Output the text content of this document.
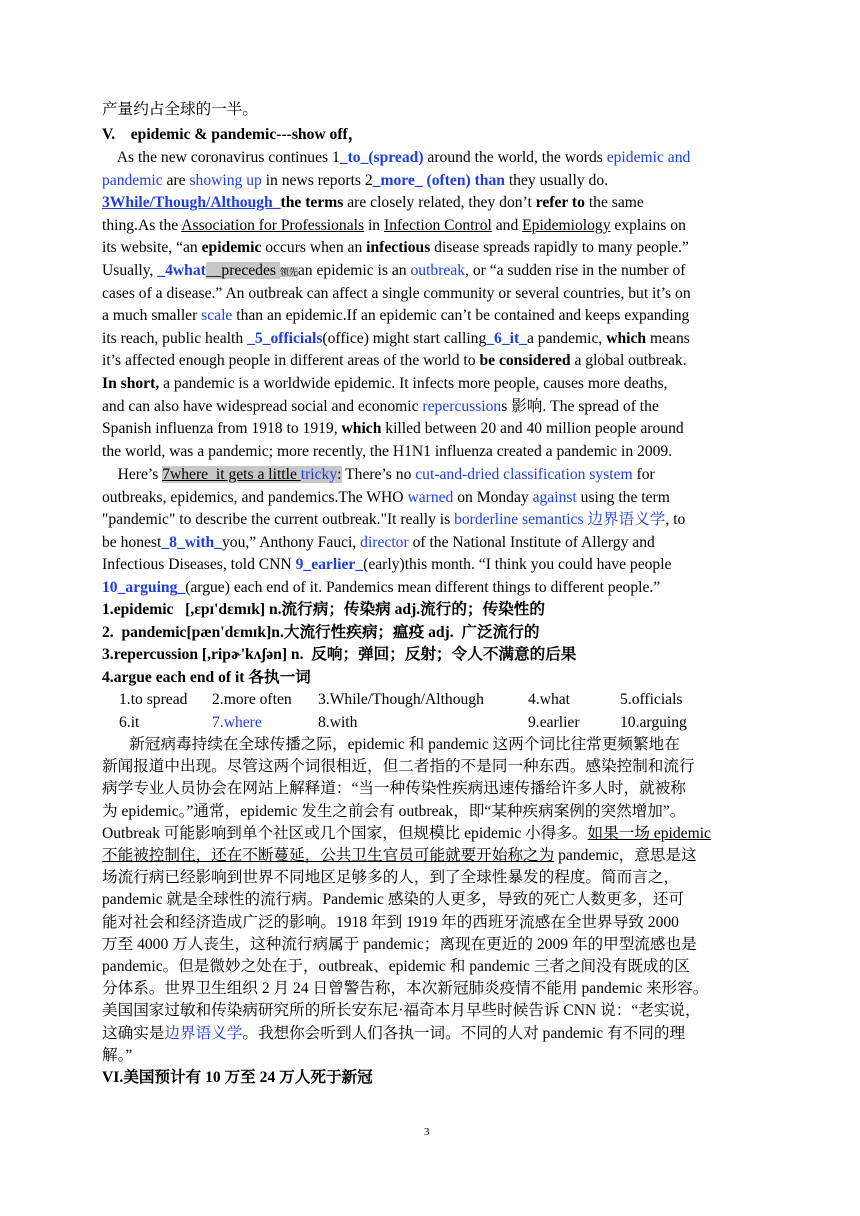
产量约占全球的一半。
V.    epidemic & pandemic---show off，
As the new coronavirus continues 1_to_(spread) around the world, the words epidemic and
pandemic are showing up in news reports 2_more_ (often) than they usually do.
3While/Though/Although_the terms are closely related, they don’t refer to the same
thing.As the Association for Professionals in Infection Control and Epidemiology explains on
its website, “an epidemic occurs when an infectious disease spreads rapidly to many people.”
Usually, _4what__precedes 领先an epidemic is an outbreak, or “a sudden rise in the number of
cases of a disease.” An outbreak can affect a single community or several countries, but it’s on
a much smaller scale than an epidemic.If an epidemic can’t be contained and keeps expanding
its reach, public health _5_officials(office) might start calling_6_it_a pandemic, which means
it’s affected enough people in different areas of the world to be considered a global outbreak.
In short, a pandemic is a worldwide epidemic. It infects more people, causes more deaths,
and can also have widespread social and economic repercussions 影响. The spread of the
Spanish influenza from 1918 to 1919, which killed between 20 and 40 million people around
the world, was a pandemic; more recently, the H1N1 influenza created a pandemic in 2009.
Here’s 7where_it gets a little tricky: There’s no cut-and-dried classification system for
outbreaks, epidemics, and pandemics.The WHO warned on Monday against using the term
"pandemic" to describe the current outbreak."It really is borderline semantics 边界语义学, to
be honest_8_with_you,” Anthony Fauci, director of the National Institute of Allergy and
Infectious Diseases, told CNN 9_earlier_(early)this month. “I think you could have people
10_arguing_(argue) each end of it. Pandemics mean different things to different people.”
1.epidemic   [,ɛpɪ'dɛmɪk] n.流行病；传染病 adj.流行的；传染性的
2.  pandemic[pæn'dɛmɪk]n.大流行性疾病；瘟疫 adj.  广泛流行的
3.repercussion [,ripɚ'kʌʃən] n.  反响；弹回；反射；令人不满意的后果
4.argue each end of it 各执一词
1.to spread 2.more often 3.While/Though/Although	4.what	5.officials
6.it	7.where	8.with	9.earlier	10.arguing
新冠病毒持续在全球传播之际，epidemic 和 pandemic 这两个词比往常更频繁地在
新闻报道中出现。尽管这两个词很相近，但二者指的不是同一种东西。感染控制和流行
病学专业人员协会在网站上解释道：“当一种传染性疾病迅速传播给许多人时，就被称
为 epidemic。”通常，epidemic 发生之前会有 outbreak，即“某种疾病案例的突然增加”。
Outbreak 可能影响到单个社区或几个国家，但规模比 epidemic 小得多。如果一场 epidemic
不能被控制住，还在不断蔓延，公共卫生官员可能就要开始称之为 pandemic，意思是这
场流行病已经影响到世界不同地区足够多的人，到了全球性暴发的程度。简而言之，
pandemic 就是全球性的流行病。Pandemic 感染的人更多，导致的死亡人数更多，还可
能对社会和经济造成广泛的影响。1918 年到 1919 年的西班牙流感在全世界导致 2000
万至 4000 万人丧生，这种流行病属于 pandemic；离现在更近的 2009 年的甲型流感也是
pandemic。但是微妙之处在于，outbreak、epidemic 和 pandemic 三者之间没有既成的区
分体系。世界卫生组织 2 月 24 日曾警告称，本次新冠肺炎疫情不能用 pandemic 来形容。
美国国家过敏和传染病研究所的所长安东尼·福奇本月早些时候告诉 CNN 说：“老实说，
这确实是边界语义学。我想你会听到人们各执一词。不同的人对 pandemic 有不同的理
解。”
VI.美国预计有 10 万至 24 万人死于新冠
3
